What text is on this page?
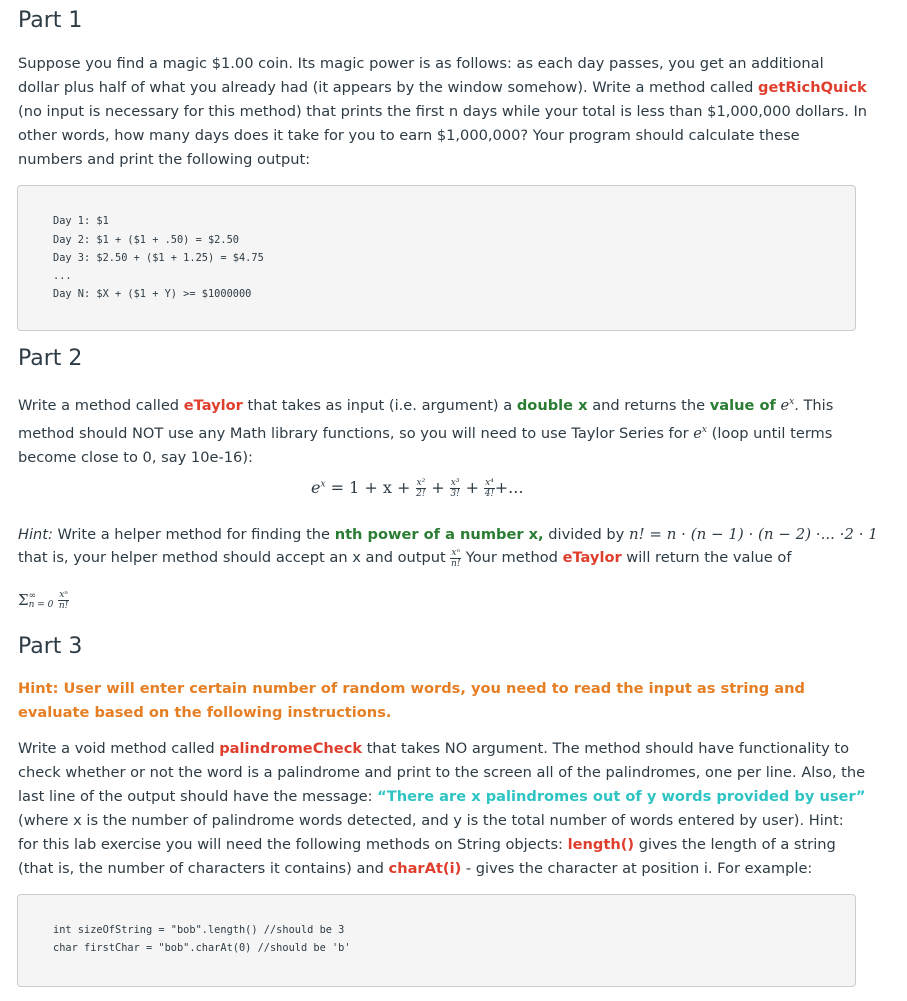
Part 1

Suppose you find a magic $1.00 coin. Its magic power is as follows: as each day passes, you get an additional dollar plus half of what you already had (it appears by the window somehow). Write a method called getRichQuick (no input is necessary for this method) that prints the first n days while your total is less than $1,000,000 dollars. In other words, how many days does it take for you to earn $1,000,000? Your program should calculate these numbers and print the following output:

Day 1: $1
Day 2: $1 + ($1 + .50) = $2.50
Day 3: $2.50 + ($1 + 1.25) = $4.75
...
Day N: $X + ($1 + Y) >= $1000000
Part 2

Write a method called eTaylor that takes as input (i.e. argument) a double x and returns the value of $e^x$. This method should NOT use any Math library functions, so you will need to use Taylor Series for $e^x$ (loop until terms become close to 0, say 10e-16):

$e^x = 1 + x + \frac{\text{x²}}{2!} + \frac{\text{x³}}{3!} + \frac{\text{x⁴}}{4!}$ +...

Hint: Write a helper method for finding the nth power of a number x, divided by n! = n · (n − 1) · (n − 2) ·... ·2 · 1

that is, your helper method should accept an x and output $\frac{\text{xⁿ}}{n!}$ Your method eTaylor will return the value of

Σ ∞
n = 0
$\frac{\text{xⁿ}}{n!}$
Part 3

Hint: User will enter certain number of random words, you need to read the input as string and evaluate based on the following instructions.

Write a void method called palindromeCheck that takes NO argument. The method should have functionality to check whether or not the word is a palindrome and print to the screen all of the palindromes, one per line. Also, the last line of the output should have the message: “There are x palindromes out of y words provided by user” (where x is the number of palindrome words detected, and y is the total number of words entered by user). Hint: for this lab exercise you will need the following methods on String objects: length() gives the length of a string (that is, the number of characters it contains) and charAt(i) - gives the character at position i. For example:

int sizeOfString = "bob".length() //should be 3
char firstChar = "bob".charAt(0) //should be 'b'
